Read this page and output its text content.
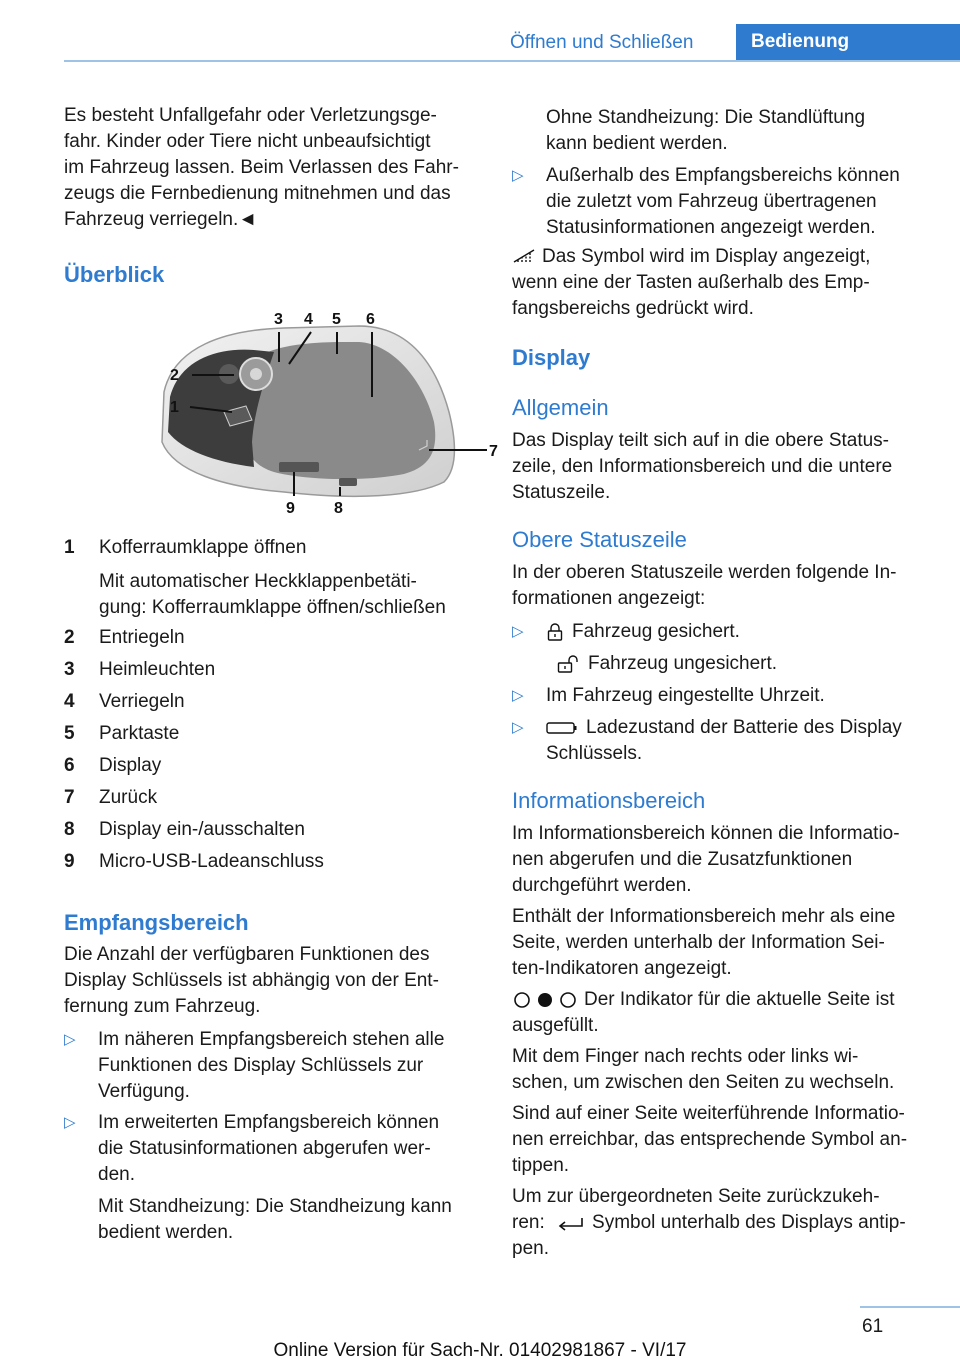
Öffnen und Schließen	Bedienung
Es besteht Unfallgefahr oder Verletzungsge-
fahr. Kinder oder Tiere nicht unbeaufsichtigt
im Fahrzeug lassen. Beim Verlassen des Fahr-
zeugs die Fernbedienung mitnehmen und das
Fahrzeug verriegeln.◄
Überblick
3 4 5 6
2
1
7
8
9
1 Kofferraumklappe öffnen
Mit automatischer Heckklappenbetäti-
gung: Kofferraumklappe öffnen/schließen
2 Entriegeln
3 Heimleuchten
4 Verriegeln
5 Parktaste
6 Display
7 Zurück
8 Display ein-/ausschalten
9 Micro-USB-Ladeanschluss
Empfangsbereich
Die Anzahl der verfügbaren Funktionen des
Display Schlüssels ist abhängig von der Ent-
fernung zum Fahrzeug.
▷ Im näheren Empfangsbereich stehen alle
Funktionen des Display Schlüssels zur
Verfügung.
▷ Im erweiterten Empfangsbereich können
die Statusinformationen abgerufen wer-
den.
Mit Standheizung: Die Standheizung kann
bedient werden.
Ohne Standheizung: Die Standlüftung
kann bedient werden.
▷ Außerhalb des Empfangsbereichs können
die zuletzt vom Fahrzeug übertragenen
Statusinformationen angezeigt werden.
Das Symbol wird im Display angezeigt,
wenn eine der Tasten außerhalb des Emp-
fangsbereichs gedrückt wird.
Display
Allgemein
Das Display teilt sich auf in die obere Status-
zeile, den Informationsbereich und die untere
Statuszeile.
Obere Statuszeile
In der oberen Statuszeile werden folgende In-
formationen angezeigt:
▷	Fahrzeug gesichert.
Fahrzeug ungesichert.
▷ Im Fahrzeug eingestellte Uhrzeit.
▷	Ladezustand der Batterie des Display
Schlüssels.
Informationsbereich
Im Informationsbereich können die Informatio-
nen abgerufen und die Zusatzfunktionen
durchgeführt werden.
Enthält der Informationsbereich mehr als eine
Seite, werden unterhalb der Information Sei-
ten-Indikatoren angezeigt.
Der Indikator für die aktuelle Seite ist
ausgefüllt.
Mit dem Finger nach rechts oder links wi-
schen, um zwischen den Seiten zu wechseln.
Sind auf einer Seite weiterführende Informatio-
nen erreichbar, das entsprechende Symbol an-
tippen.
Um zur übergeordneten Seite zurückzukeh-
ren: Symbol unterhalb des Displays antip-
pen.
61
Online Version für Sach-Nr. 01402981867 - VI/17
